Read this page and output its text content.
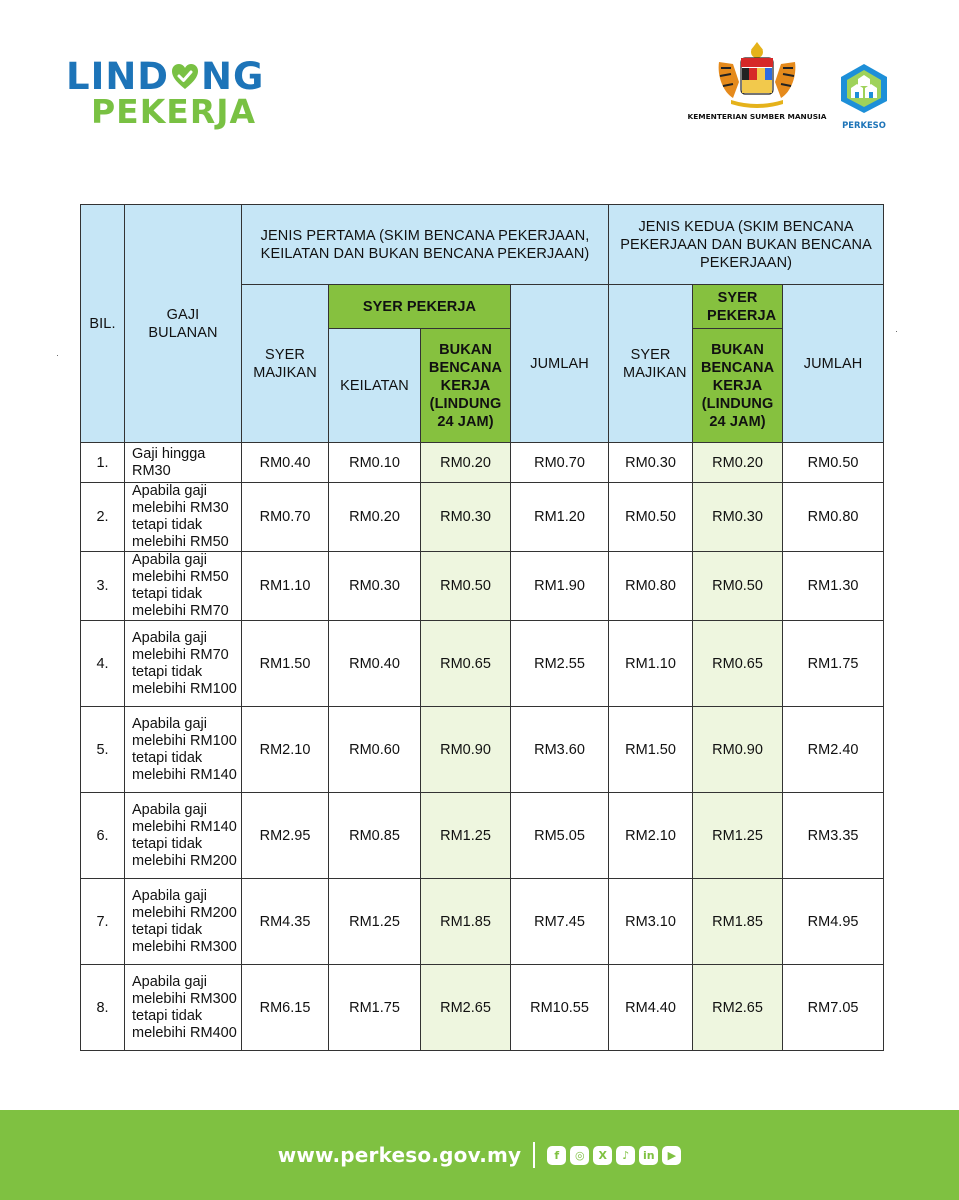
LIND NG
PEKERJA	KEMENTERIAN SUMBER MANUSIA
PERKESO
·
·
BIL.	GAJI BULANAN	JENIS PERTAMA (SKIM BENCANA PEKERJAAN, KEILATAN DAN BUKAN BENCANA PEKERJAAN)				JENIS KEDUA (SKIM BENCANA PEKERJAAN DAN BUKAN BENCANA PEKERJAAN)		
		SYER MAJIKAN	SYER PEKERJA		JUMLAH	SYER MAJIKAN	SYER PEKERJA	JUMLAH
			KEILATAN	BUKAN BENCANA KERJA (LINDUNG 24 JAM)			BUKAN BENCANA KERJA (LINDUNG 24 JAM)	
1.	Gaji hingga RM30	RM0.40	RM0.10	RM0.20	RM0.70	RM0.30	RM0.20	RM0.50
2.	Apabila gaji melebihi RM30 tetapi tidak melebihi RM50	RM0.70	RM0.20	RM0.30	RM1.20	RM0.50	RM0.30	RM0.80
3.	Apabila gaji melebihi RM50 tetapi tidak melebihi RM70	RM1.10	RM0.30	RM0.50	RM1.90	RM0.80	RM0.50	RM1.30
4.	Apabila gaji melebihi RM70 tetapi tidak melebihi RM100	RM1.50	RM0.40	RM0.65	RM2.55	RM1.10	RM0.65	RM1.75
5.	Apabila gaji melebihi RM100 tetapi tidak melebihi RM140	RM2.10	RM0.60	RM0.90	RM3.60	RM1.50	RM0.90	RM2.40
6.	Apabila gaji melebihi RM140 tetapi tidak melebihi RM200	RM2.95	RM0.85	RM1.25	RM5.05	RM2.10	RM1.25	RM3.35
7.	Apabila gaji melebihi RM200 tetapi tidak melebihi RM300	RM4.35	RM1.25	RM1.85	RM7.45	RM3.10	RM1.85	RM4.95
8.	Apabila gaji melebihi RM300 tetapi tidak melebihi RM400	RM6.15	RM1.75	RM2.65	RM10.55	RM4.40	RM2.65	RM7.05
www.perkeso.gov.my	f	◎	X	♪	in	▶
